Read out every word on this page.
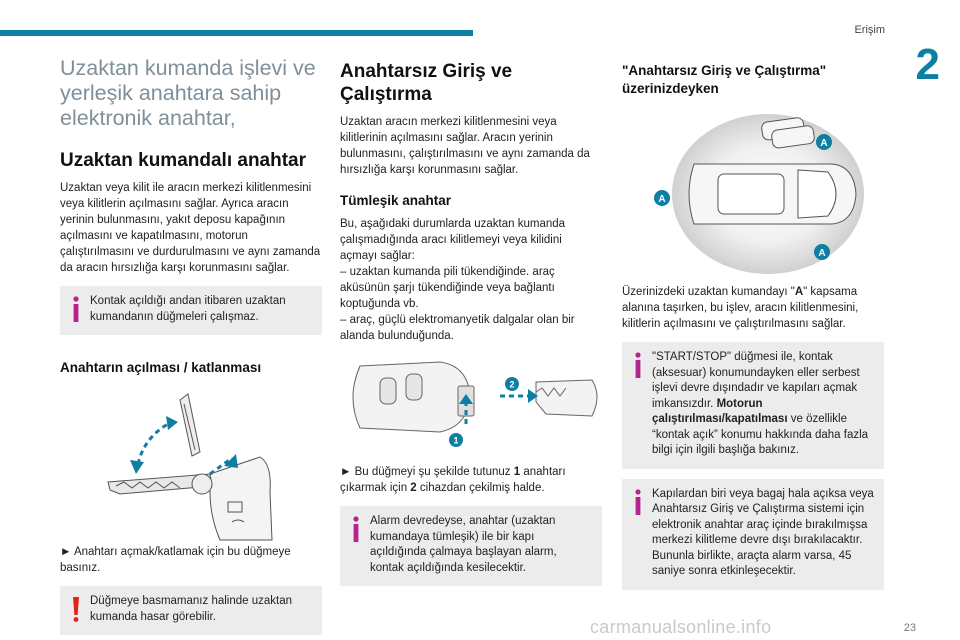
Erişim
2
23
carmanualsonline.info
Uzaktan kumanda işlevi ve yerleşik anahtara sahip elektronik anahtar,
Uzaktan kumandalı anahtar
Uzaktan veya kilit ile aracın merkezi kilitlenmesini veya kilitlerin açılmasını sağlar. Ayrıca aracın yerinin bulunmasını, yakıt deposu kapağının açılmasını ve kapatılmasını, motorun çalıştırılmasını ve durdurulmasını ve aynı zamanda da aracın hırsızlığa karşı korunmasını sağlar.
Kontak açıldığı andan itibaren uzaktan kumandanın düğmeleri çalışmaz.
Anahtarın açılması / katlanması
► Anahtarı açmak/katlamak için bu düğmeye basınız.
Düğmeye basmamanız halinde uzaktan kumanda hasar görebilir.
Anahtarsız Giriş ve Çalıştırma
Uzaktan aracın merkezi kilitlenmesini veya kilitlerinin açılmasını sağlar. Aracın yerinin bulunmasını, çalıştırılmasını ve aynı zamanda da hırsızlığa karşı korunmasını sağlar.
Tümleşik anahtar
Bu, aşağıdaki durumlarda uzaktan kumanda çalışmadığında aracı kilitlemeyi veya kilidini açmayı sağlar:
– uzaktan kumanda pili tükendiğinde. araç aküsünün şarjı tükendiğinde veya bağlantı koptuğunda vb.
– araç, güçlü elektromanyetik dalgalar olan bir alanda bulunduğunda.
2
1
► Bu düğmeyi şu şekilde tutunuz 1 anahtarı çıkarmak için 2 cihazdan çekilmiş halde.
Alarm devredeyse, anahtar (uzaktan kumandaya tümleşik) ile bir kapı açıldığında çalmaya başlayan alarm, kontak açıldığında kesilecektir.
"Anahtarsız Giriş ve Çalıştırma" üzerinizdeyken
A
A
A
Üzerinizdeki uzaktan kumandayı "A" kapsama alanına taşırken, bu işlev, aracın kilitlenmesini, kilitlerin açılmasını ve çalıştırılmasını sağlar.
"START/STOP" düğmesi ile, kontak (aksesuar) konumundayken eller serbest işlevi devre dışındadır ve kapıları açmak imkansızdır. Motorun çalıştırılması/kapatılması ve özellikle “kontak açık” konumu hakkında daha fazla bilgi için ilgili başlığa bakınız.
Kapılardan biri veya bagaj hala açıksa veya Anahtarsız Giriş ve Çalıştırma sistemi için elektronik anahtar araç içinde bırakılmışsa merkezi kilitleme devre dışı bırakılacaktır. Bununla birlikte, araçta alarm varsa, 45 saniye sonra etkinleşecektir.
